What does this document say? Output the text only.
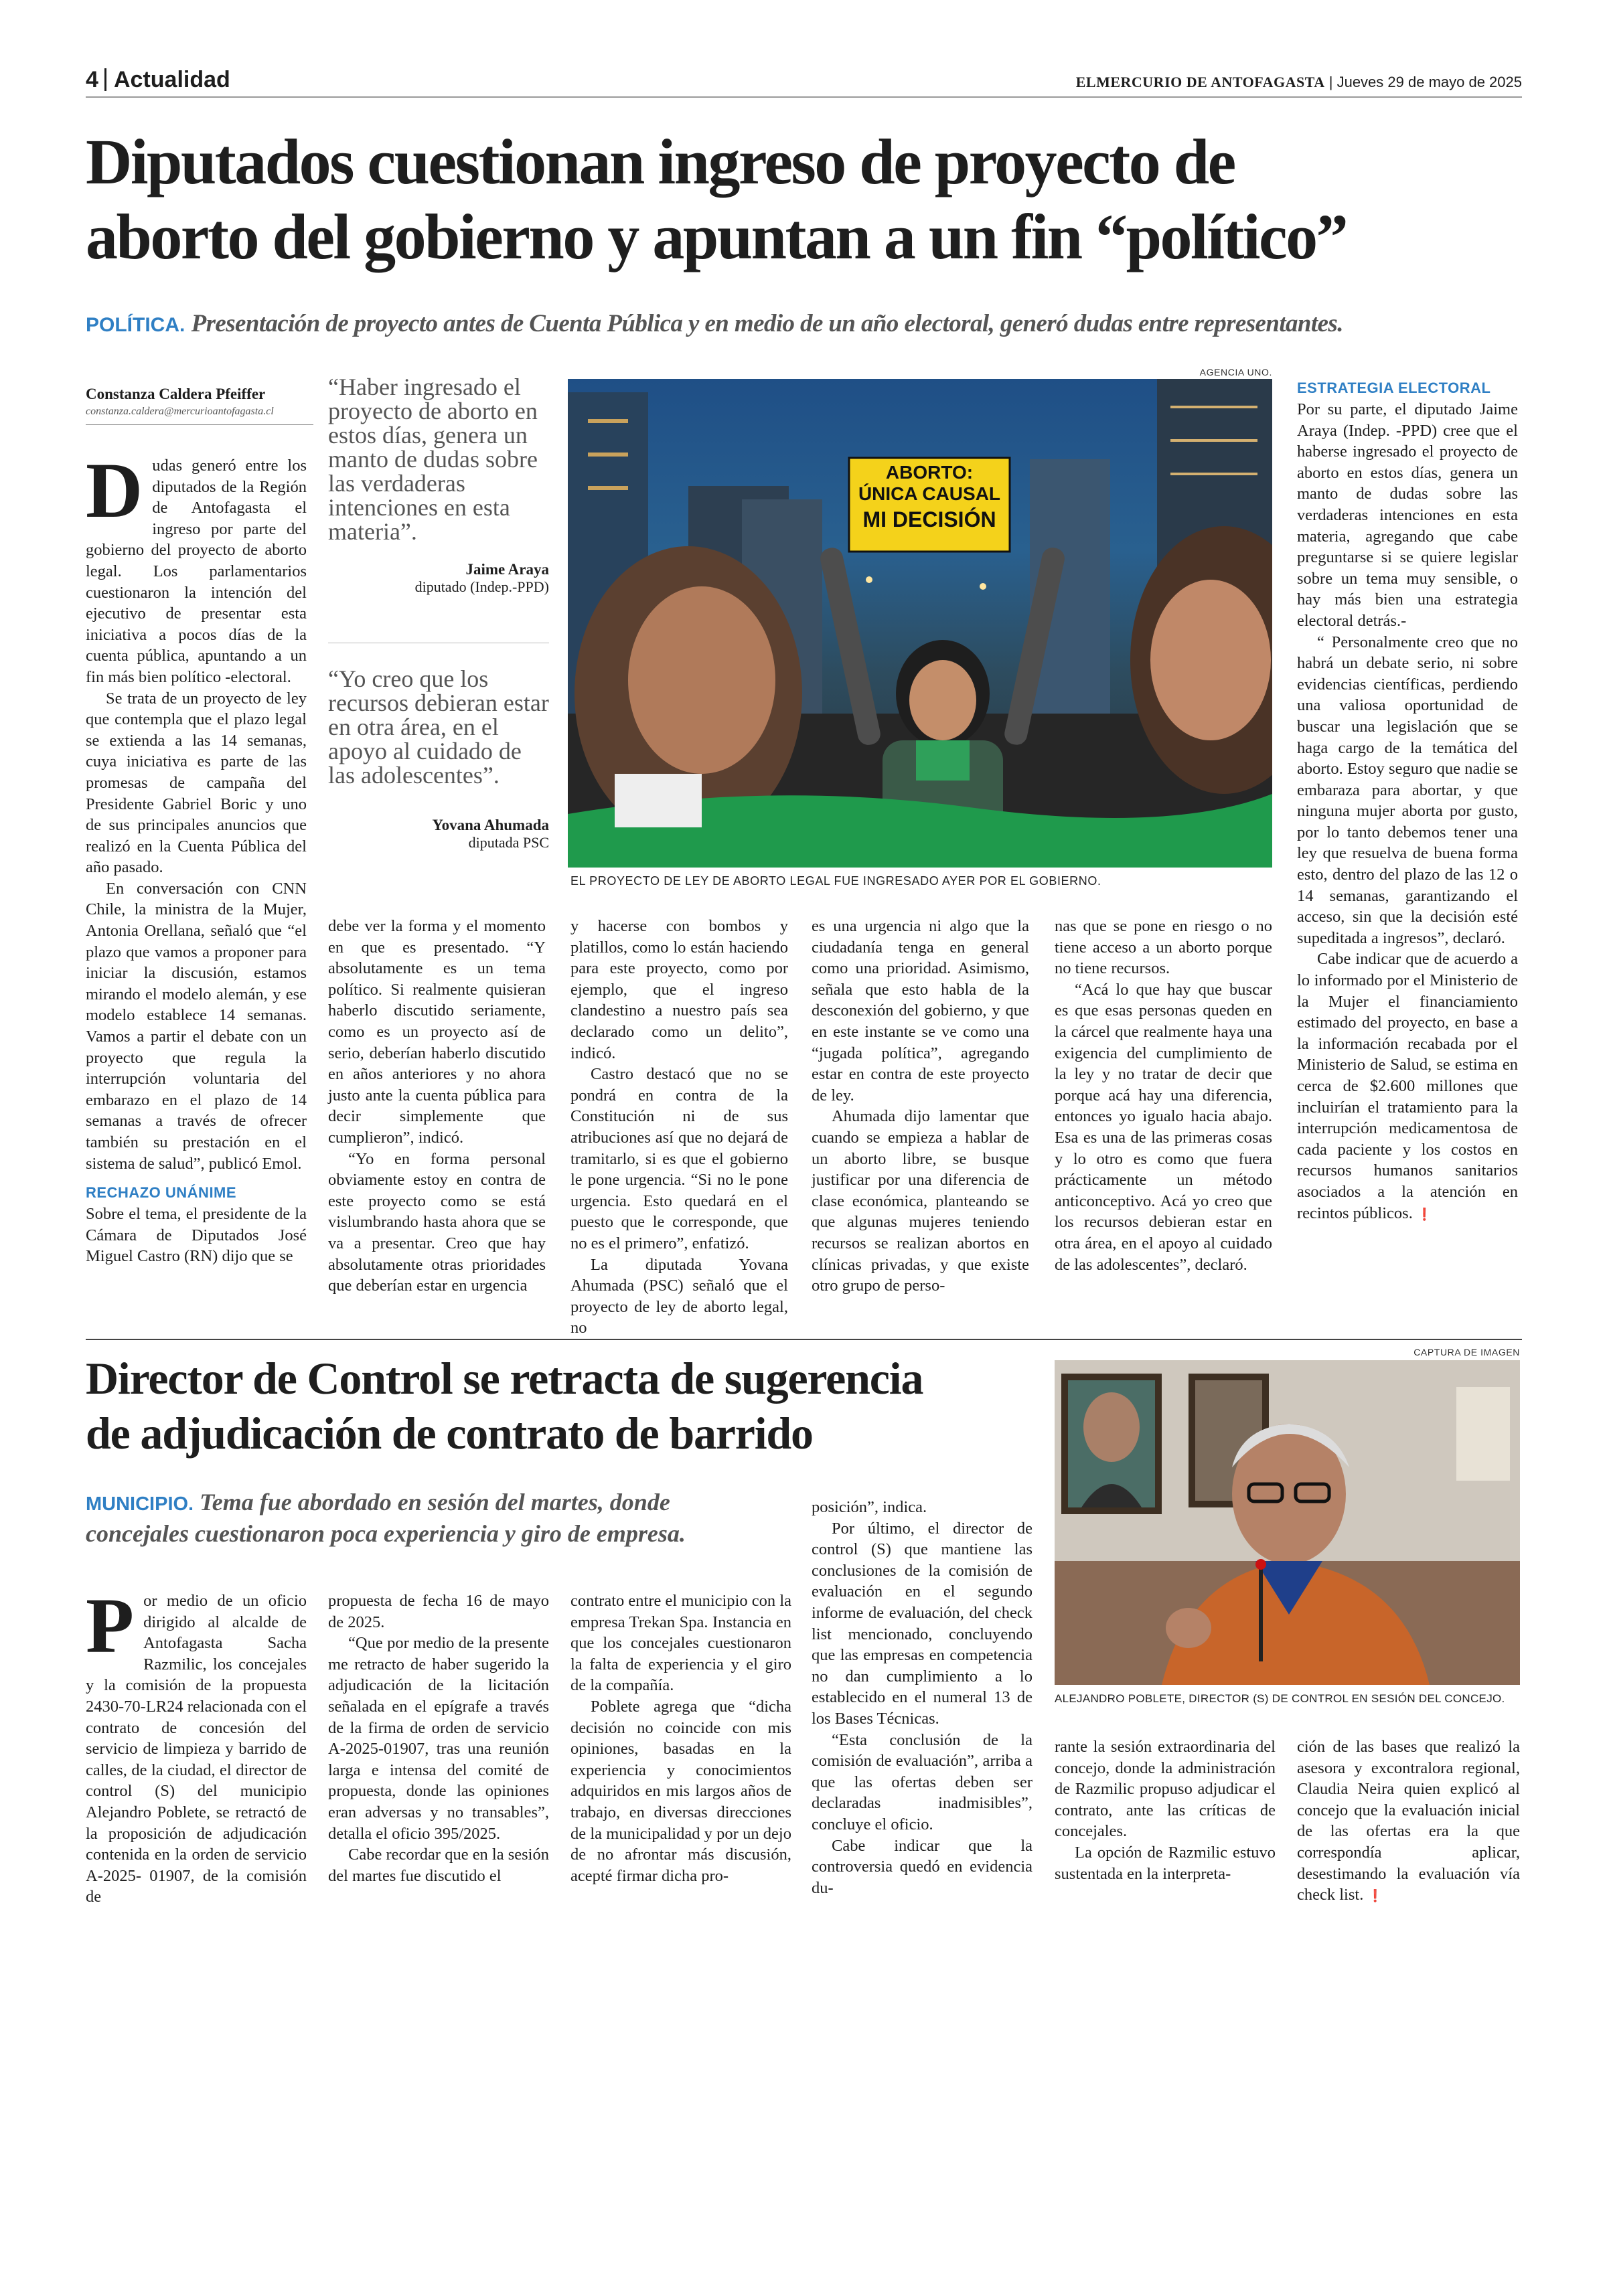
4 Actualidad	ELMERCURIO DE ANTOFAGASTA | Jueves 29 de mayo de 2025
Diputados cuestionan ingreso de proyecto de
aborto del gobierno y apuntan a un fin “político”
POLÍTICA. Presentación de proyecto antes de Cuenta Pública y en medio de un año electoral, generó dudas entre representantes.
Constanza Caldera Pfeiffer
constanza.caldera@mercurioantofagasta.cl

Dudas generó entre los diputados de la Región de Antofagasta el ingreso por parte del gobierno del proyecto de aborto legal. Los parlamentarios cuestionaron la intención del ejecutivo de presentar esta iniciativa a pocos días de la cuenta pública, apuntando a un fin más bien político -electoral.

Se trata de un proyecto de ley que contempla que el plazo legal se extienda a las 14 semanas, cuya iniciativa es parte de las promesas de campaña del Presidente Gabriel Boric y uno de sus principales anuncios que realizó en la Cuenta Pública del año pasado.

En conversación con CNN Chile, la ministra de la Mujer, Antonia Orellana, señaló que “el plazo que vamos a proponer para iniciar la discusión, estamos mirando el modelo alemán, y ese modelo establece 14 semanas. Vamos a partir el debate con un proyecto que regula la interrupción voluntaria del embarazo en el plazo de 14 semanas a través de ofrecer también su prestación en el sistema de salud”, publicó Emol.

RECHAZO UNÁNIME

Sobre el tema, el presidente de la Cámara de Diputados José Miguel Castro (RN) dijo que se

“Haber ingresado el proyecto de aborto en estos días, genera un manto de dudas sobre las verdaderas intenciones en esta materia”.
Jaime Araya
diputado (Indep.-PPD)
“Yo creo que los recursos debieran estar en otra área, en el apoyo al cuidado de las adolescentes”.
Yovana Ahumada
diputada PSC
AGENCIA UNO.
ABORTO:
ÚNICA CAUSAL
MI DECISIÓN
EL PROYECTO DE LEY DE ABORTO LEGAL FUE INGRESADO AYER POR EL GOBIERNO.

debe ver la forma y el momento en que es presentado. “Y absolutamente es un tema político. Si realmente quisieran haberlo discutido seriamente, como es un proyecto así de serio, deberían haberlo discutido en años anteriores y no ahora justo ante la cuenta pública para decir simplemente que cumplieron”, indicó.

“Yo en forma personal obviamente estoy en contra de este proyecto como se está vislumbrando hasta ahora que se va a presentar. Creo que hay absolutamente otras prioridades que deberían estar en urgencia

y hacerse con bombos y platillos, como lo están haciendo para este proyecto, como por ejemplo, que el ingreso clandestino a nuestro país sea declarado como un delito”, indicó.

Castro destacó que no se pondrá en contra de la Constitución ni de sus atribuciones así que no dejará de tramitarlo, si es que el gobierno le pone urgencia. “Si no le pone urgencia. Esto quedará en el puesto que le corresponde, que no es el primero”, enfatizó.

La diputada Yovana Ahumada (PSC) señaló que el proyecto de ley de aborto legal, no

es una urgencia ni algo que la ciudadanía tenga en general como una prioridad. Asimismo, señala que esto habla de la desconexión del gobierno, y que en este instante se ve como una “jugada política”, agregando estar en contra de este proyecto de ley.

Ahumada dijo lamentar que cuando se empieza a hablar de un aborto libre, se busque justificar por una diferencia de clase económica, planteando se que algunas mujeres teniendo recursos se realizan abortos en clínicas privadas, y que existe otro grupo de perso-

nas que se pone en riesgo o no tiene acceso a un aborto porque no tiene recursos.

“Acá lo que hay que buscar es que esas personas queden en la cárcel que realmente haya una exigencia del cumplimiento de la ley y no tratar de decir que porque acá hay una diferencia, entonces yo igualo hacia abajo. Esa es una de las primeras cosas y lo otro es como que fuera prácticamente un método anticonceptivo. Acá yo creo que los recursos debieran estar en otra área, en el apoyo al cuidado de las adolescentes”, declaró.

ESTRATEGIA ELECTORAL

Por su parte, el diputado Jaime Araya (Indep. -PPD) cree que el haberse ingresado el proyecto de aborto en estos días, genera un manto de dudas sobre las verdaderas intenciones en esta materia, agregando que cabe preguntarse si se quiere legislar sobre un tema muy sensible, o hay más bien una estrategia electoral detrás.-

“ Personalmente creo que no habrá un debate serio, ni sobre evidencias científicas, perdiendo una valiosa oportunidad de buscar una legislación que se haga cargo de la temática del aborto. Estoy seguro que nadie se embaraza para abortar, y que ninguna mujer aborta por gusto, por lo tanto debemos tener una ley que resuelva de buena forma esto, dentro del plazo de las 12 o 14 semanas, garantizando el acceso, sin que la decisión esté supeditada a ingresos”, declaró.

Cabe indicar que de acuerdo a lo informado por el Ministerio de la Mujer el financiamiento estimado del proyecto, en base a la información recabada por el Ministerio de Salud, se estima en cerca de $2.600 millones que incluirían el tratamiento para la interrupción medicamentosa de cada paciente y los costos en recursos humanos sanitarios asociados a la atención en recintos públicos. ❗

Director de Control se retracta de sugerencia
de adjudicación de contrato de barrido
MUNICIPIO. Tema fue abordado en sesión del martes, donde
concejales cuestionaron poca experiencia y giro de empresa.

Por medio de un oficio dirigido al alcalde de Antofagasta Sacha Razmilic, los concejales y la comisión de la propuesta 2430-70-LR24 relacionada con el contrato de concesión del servicio de limpieza y barrido de calles, de la ciudad, el director de control (S) del municipio Alejandro Poblete, se retractó de la proposición de adjudicación contenida en la orden de servicio A-2025- 01907, de la comisión de

propuesta de fecha 16 de mayo de 2025.

“Que por medio de la presente me retracto de haber sugerido la adjudicación de la licitación señalada en el epígrafe a través de la firma de orden de servicio A-2025-01907, tras una reunión larga e intensa del comité de propuesta, donde las opiniones eran adversas y no transables”, detalla el oficio 395/2025.

Cabe recordar que en la sesión del martes fue discutido el

contrato entre el municipio con la empresa Trekan Spa. Instancia en que los concejales cuestionaron la falta de experiencia y el giro de la compañía.

Poblete agrega que “dicha decisión no coincide con mis opiniones, basadas en la experiencia y conocimientos adquiridos en mis largos años de trabajo, en diversas direcciones de la municipalidad y por un dejo de no afrontar más discusión, acepté firmar dicha pro-

posición”, indica.

Por último, el director de control (S) que mantiene las conclusiones de la comisión de evaluación en el segundo informe de evaluación, del check list mencionado, concluyendo que las empresas en competencia no dan cumplimiento a lo establecido en el numeral 13 de los Bases Técnicas.

“Esta conclusión de la comisión de evaluación”, arriba a que las ofertas deben ser declaradas inadmisibles”, concluye el oficio.

Cabe indicar que la controversia quedó en evidencia du-

CAPTURA DE IMAGEN
ALEJANDRO POBLETE, DIRECTOR (S) DE CONTROL EN SESIÓN DEL CONCEJO.

rante la sesión extraordinaria del concejo, donde la administración de Razmilic propuso adjudicar el contrato, ante las críticas de concejales.

La opción de Razmilic estuvo sustentada en la interpreta-

ción de las bases que realizó la asesora y excontralora regional, Claudia Neira quien explicó al concejo que la evaluación inicial de las ofertas era la que correspondía aplicar, desestimando la evaluación vía check list. ❗
